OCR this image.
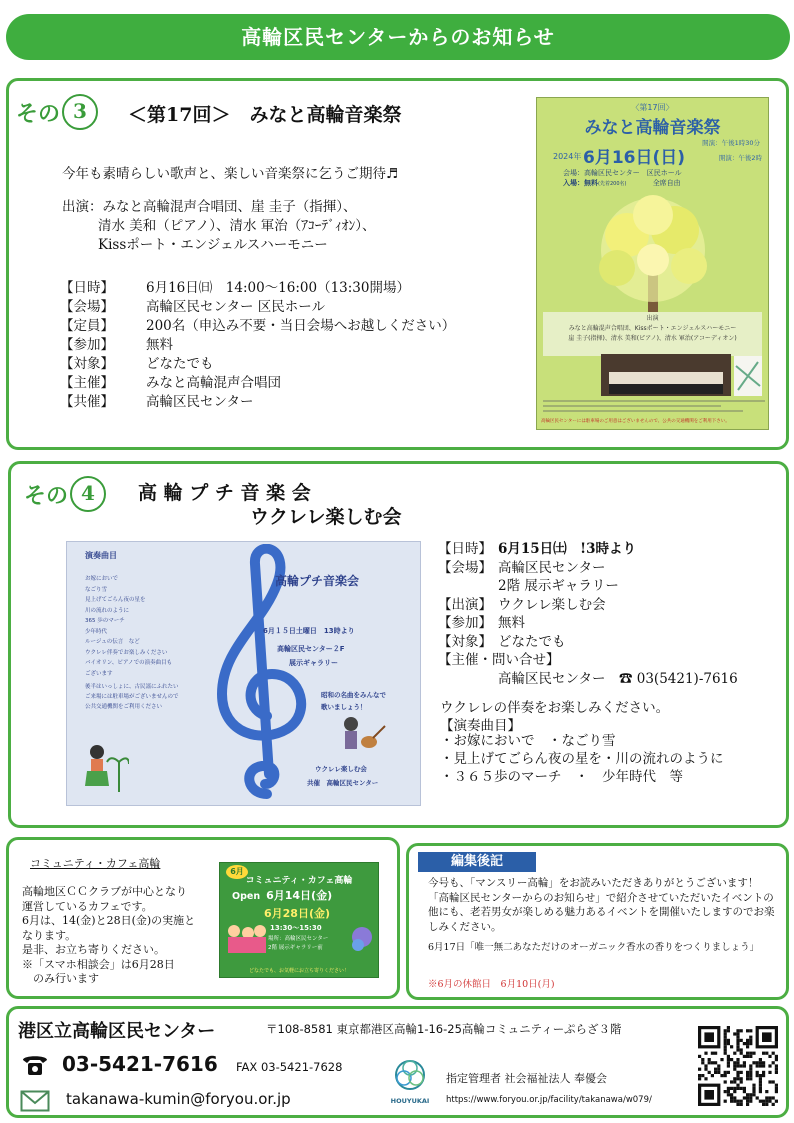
高輪区民センターからのお知らせ
その 3	＜第17回＞　みなと高輪音楽祭
今年も素晴らしい歌声と、楽しい音楽祭に乞うご期待♬
出演：みなと高輪混声合唱団、崖 圭子（指揮）、
清水 美和（ピアノ）、清水 軍治（ｱｺｰﾃﾞｨｵﾝ）、
Kissポート・エンジェルスハーモニー
【日時】 6月16日㈰　14:00～16:00（13:30開場）
【会場】 高輪区民センター 区民ホール
【定員】 200名（申込み不要・当日会場へお越しください）
【参加】 無料
【対象】 どなたでも
【主催】 みなと高輪混声合唱団
【共催】 高輪区民センター
〈第17回〉
みなと高輪音楽祭
開演：午後1時30分
2024年 6月16日(日)	開演：午後2時
会場：高輪区民センター　区民ホール
入場：無料(先着200名)	全席自由
出演
みなと高輪混声合唱団、Kissポート・エンジェルスハーモニー
崖 圭子(指揮)、清水 美和(ピアノ)、清水 軍治(アコーディオン)
高輪区民センターには駐車場のご用意はございませんので、公共の交通機関をご利用下さい。
その 4	高 輪 プ チ 音 楽 会
ウクレレ楽しむ会
演奏曲目
お嫁においで
なごり雪
見上げてごらん夜の星を
川の流れのように
365 歩のマーチ
少年時代
ルージュの伝言　など
ウクレレ伴奏でお楽しみください
バイオリン、ピアノでの演奏曲目も
ございます
後半はいっしょに、古民謡にふれたい
ご来場には駐車場がございませんので
公共交通機関をご利用ください
高輪プチ音楽会
6月１５日土曜日　13時より
高輪区民センター２F
展示ギャラリー
昭和の名曲をみんなで
歌いましょう！
ウクレレ楽しむ会
共催　高輪区民センター
【日時】 6月15日㈯　!3時より
【会場】 高輪区民センター
2階 展示ギャラリー
【出演】 ウクレレ楽しむ会
【参加】 無料
【対象】 どなたでも
【主催・問い合せ】
高輪区民センター　☎ 03(5421)-7616
ウクレレの伴奏をお楽しみください。
【演奏曲目】
・お嫁においで　・なごり雪
・見上げてごらん夜の星を・川の流れのように
・３６５歩のマーチ　・　少年時代　等
コミュニティ・カフェ高輪
高輪地区ＣＣクラブが中心となり
運営しているカフェです。
6月は、14(金)と28日(金)の実施と
なります。
是非、お立ち寄りください。
※「スマホ相談会」は6月28日
　のみ行います
6月
コミュニティ・カフェ高輪
Open 6月14日(金)
6月28日(金)
13:30～15:30
場所：高輪区民センター
2階 展示ギャラリー前
どなたでも、お気軽にお立ち寄りください！
編集後記
今号も、「マンスリー高輪」をお読みいただきありがとうございます！「高輪区民センターからのお知らせ」で紹介させていただいたイベントの他にも、老若男女が楽しめる魅力あるイベントを開催いたしますのでお楽しみください。
6月17日「唯一無二あなただけのオーガニック香水の香りをつくりましょう」
※6月の休館日　6月10日(月)
港区立高輪区民センター	〒108-8581 東京都港区高輪1-16-25高輪コミュニティーぷらざ３階
03-5421-7616 FAX 03-5421-7628
takanawa-kumin@foryou.or.jp	HOUYUKAI
指定管理者 社会福祉法人 奉優会
https://www.foryou.or.jp/facility/takanawa/w079/
